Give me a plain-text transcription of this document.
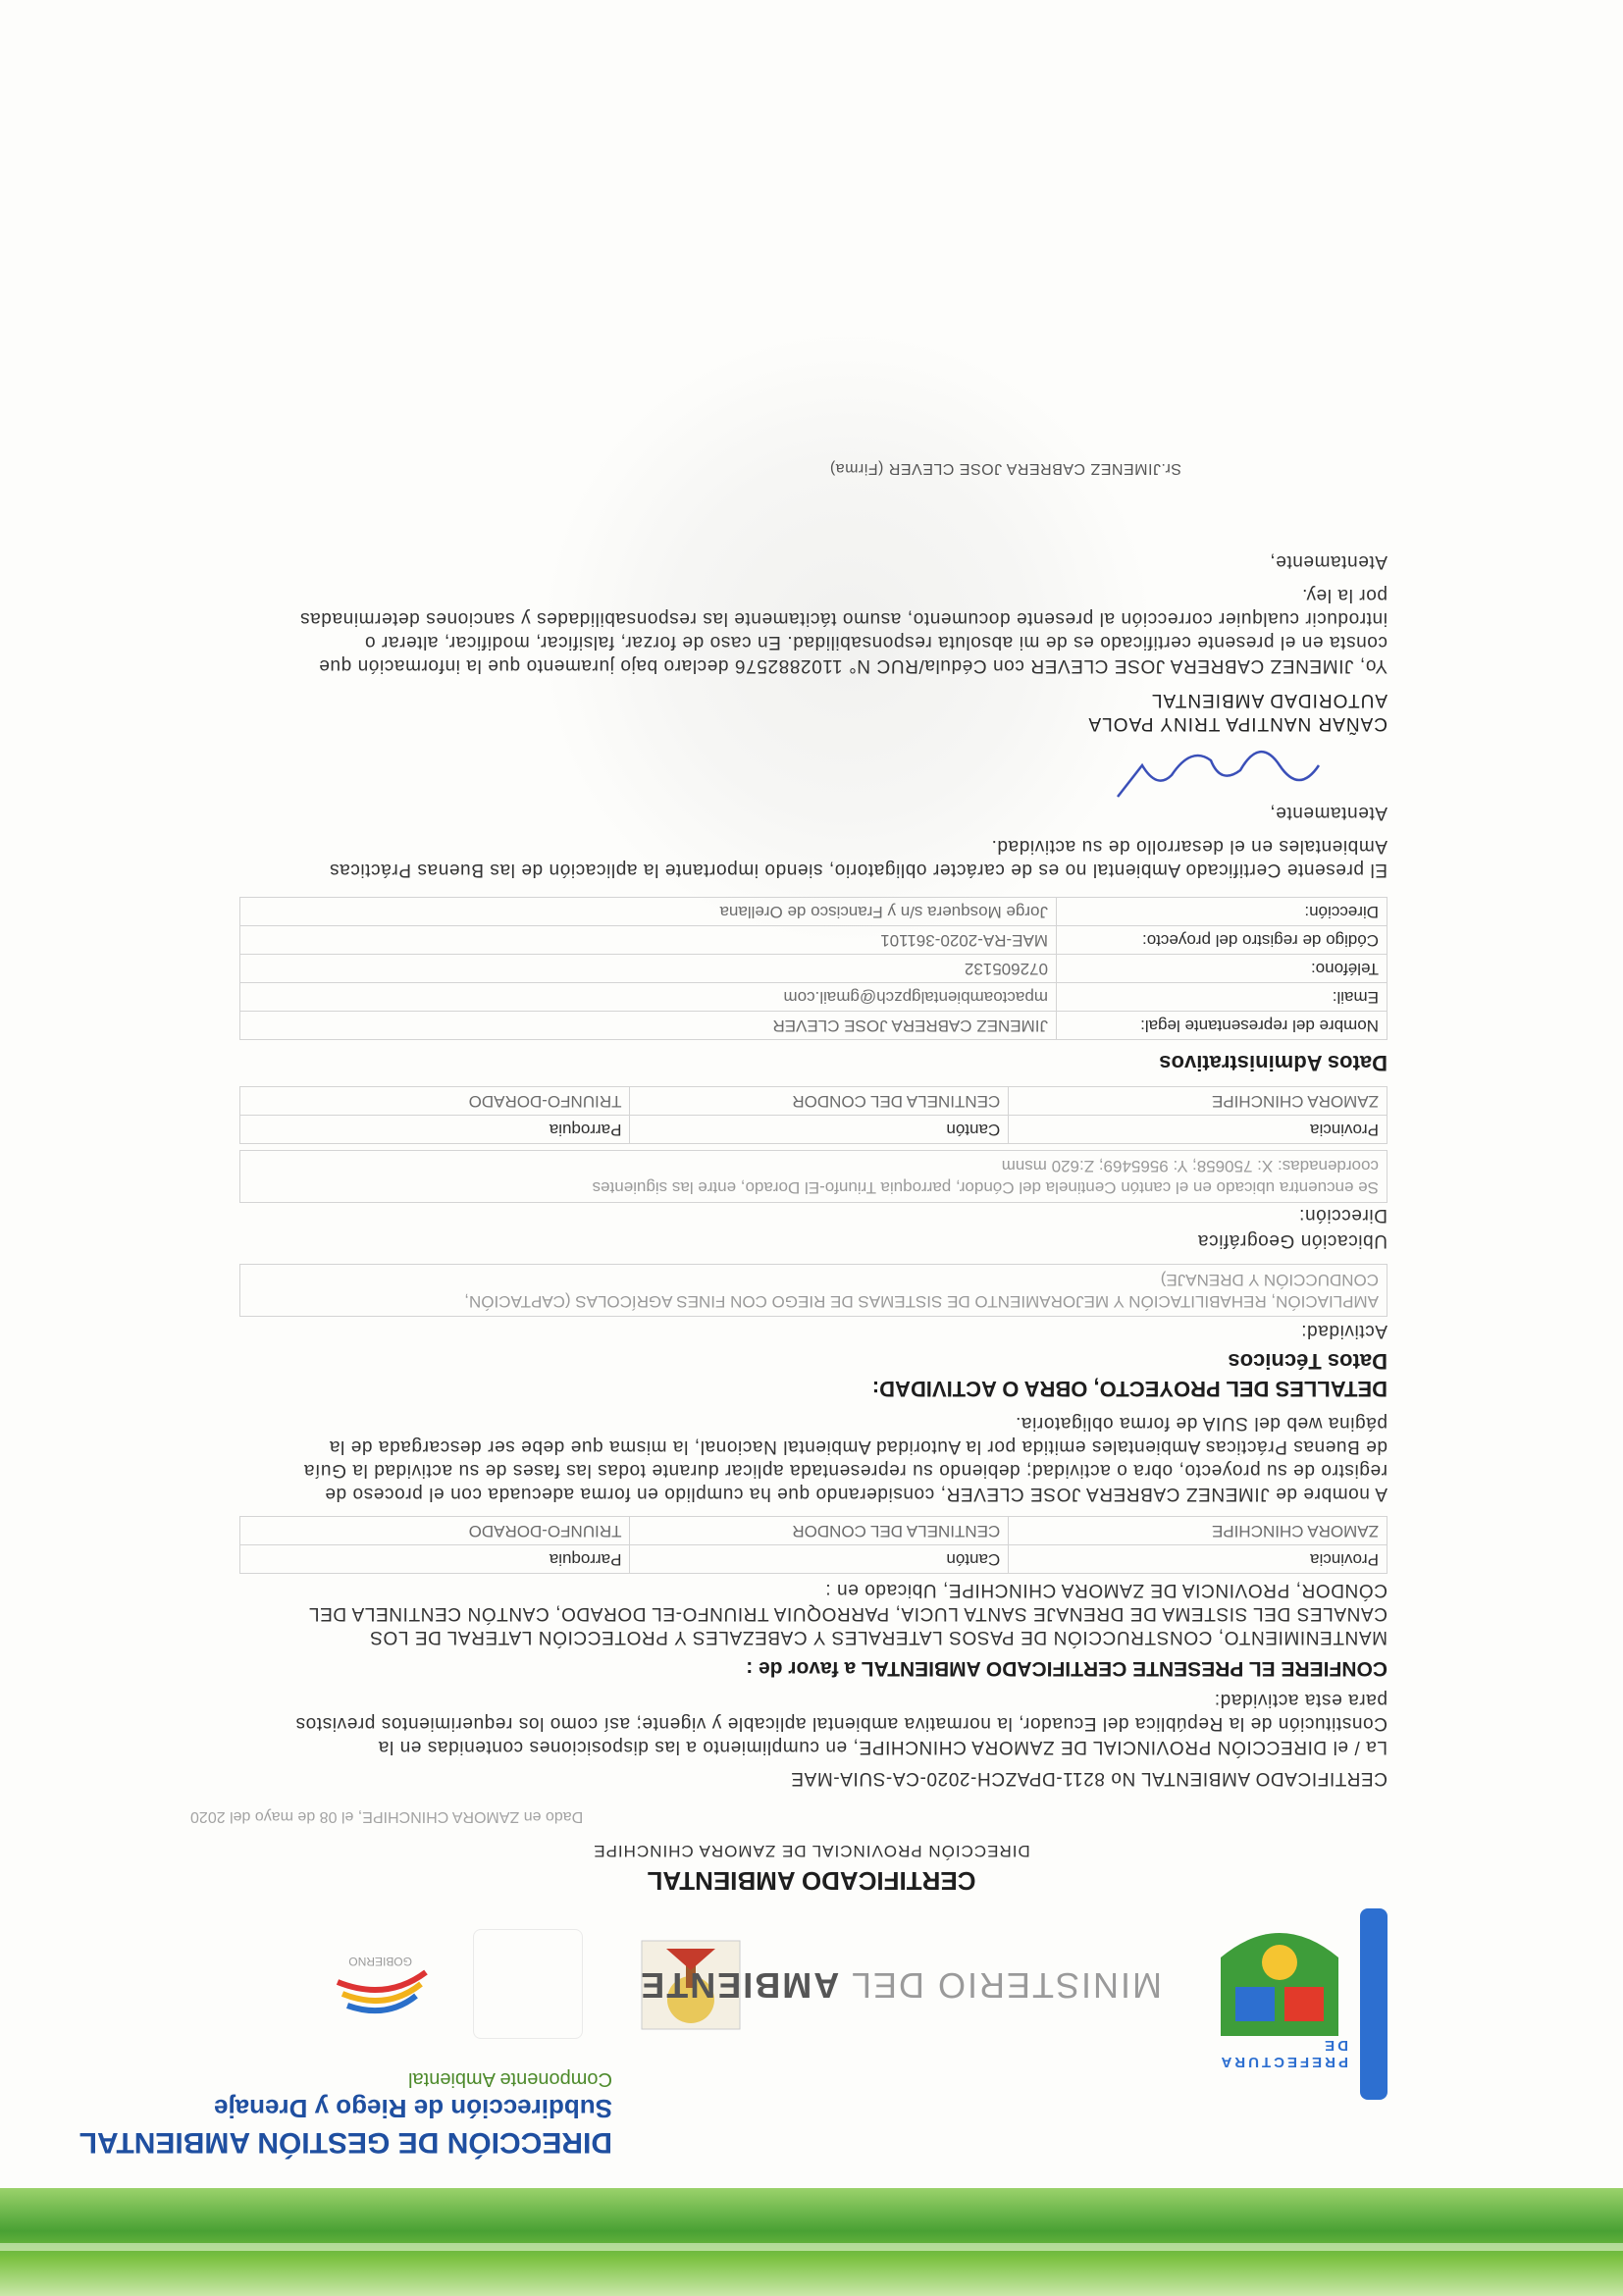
DIRECCIÓN DE GESTIÓN AMBIENTAL
Subdirección de Riego y Drenaje
Componente Ambiental
GOBIERNO
MINISTERIO DEL AMBIENTE
PREFECTURA DE
CERTIFICADO AMBIENTAL
DIRECCIÓN PROVINCIAL DE ZAMORA CHINCHIPE
Dado en ZAMORA CHINCHIPE, el 08 de mayo del 2020
CERTIFICADO AMBIENTAL No 8211-DPAZCH-2020-CA-SUIA-MAE
La / el DIRECCIÓN PROVINCIAL DE ZAMORA CHINCHIPE, en cumplimiento a las disposiciones contenidas en la
Constitución de la República del Ecuador, la normativa ambiental aplicable y vigente; así como los requerimientos previstos
para esta actividad:
CONFIERE EL PRESENTE CERTIFICADO AMBIENTAL a favor de :
MANTENIMIENTO, CONSTRUCCIÓN DE PASOS LATERALES Y CABEZALES Y PROTECCIÓN LATERAL DE LOS
CANALES DEL SISTEMA DE DRENAJE SANTA LUCIA, PARROQUIA TRIUNFO-EL DORADO, CANTÓN CENTINELA DEL
CÓNDOR, PROVINCIA DE ZAMORA CHINCHIPE, Ubicado en :
Provincia	Cantón	Parroquia
ZAMORA CHINCHIPE	CENTINELA DEL CONDOR	TRIUNFO-DORADO
A nombre de JIMENEZ CABRERA JOSE CLEVER, considerando que ha cumplido en forma adecuada con el proceso de
registro de su proyecto, obra o actividad; debiendo su representada aplicar durante todas las fases de su actividad la Guía
de Buenas Prácticas Ambientales emitida por la Autoridad Ambiental Nacional, la misma que debe ser descargada de la
página web del SUIA de forma obligatoria.
DETALLES DEL PROYECTO, OBRA O ACTIVIDAD:
Datos Técnicos
Actividad:
AMPLIACIÓN, REHABILITACIÓN Y MEJORAMIENTO DE SISTEMAS DE RIEGO CON FINES AGRÍCOLAS (CAPTACIÓN,
CONDUCCIÓN Y DRENAJE)
Ubicación Geográfica
Dirección:
Se encuentra ubicado en el cantón Centinela del Cóndor, parroquia Triunfo-El Dorado, entre las siguientes
coordenadas: X: 750658; Y: 9565469; Z:620 msnm
Provincia	Cantón	Parroquia
ZAMORA CHINCHIPE	CENTINELA DEL CONDOR	TRIUNFO-DORADO
Datos Administrativos
Nombre del representante legal:	JIMENEZ CABRERA JOSE CLEVER
Email:	mpactoambientalgpzch@gmail.com
Teléfono:	072605132
Código de registro del proyecto:	MAE-RA-2020-361101
Dirección:	Jorge Mosquera s/n y Francisco de Orellana
El presente Certificado Ambiental no es de carácter obligatorio, siendo importante la aplicación de las Buenas Prácticas
Ambientales en el desarrollo de su actividad.
Atentamente,
CAÑAR NANTIPA TRINY PAOLA
AUTORIDAD AMBIENTAL
Yo, JIMENEZ CABRERA JOSE CLEVER con Cédula/RUC N° 1102882576 declaro bajo juramento que la información que
consta en el presente certificado es de mi absoluta responsabilidad. En caso de forzar, falsificar, modificar, alterar o
introducir cualquier corrección al presente documento, asumo tácitamente las responsabilidades y sanciones determinadas
por la ley.
Atentamente,
Sr.JIMENEZ CABRERA JOSE CLEVER (Firma)
